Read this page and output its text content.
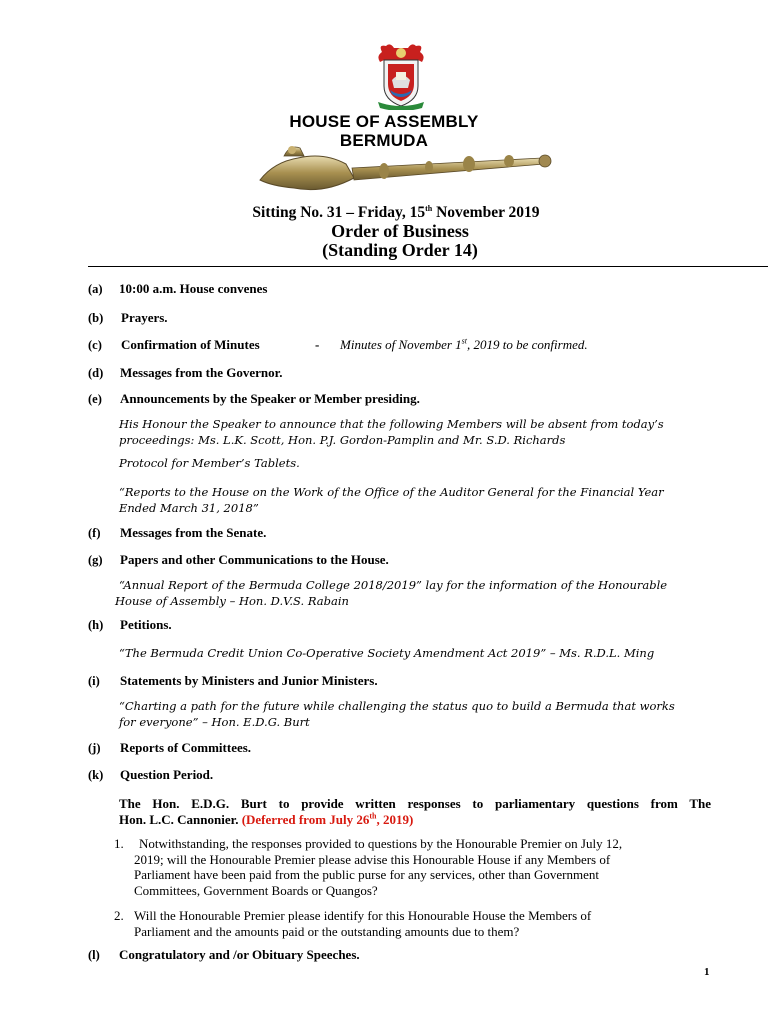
HOUSE OF ASSEMBLY
BERMUDA
Sitting No. 31 – Friday, 15th November 2019
Order of Business
(Standing Order 14)
(a) 10:00 a.m. House convenes
(b) Prayers.
(c) Confirmation of Minutes	- Minutes of November 1st, 2019 to be confirmed.
(d) Messages from the Governor.
(e) Announcements by the Speaker or Member presiding.
His Honour the Speaker to announce that the following Members will be absent from today’s
proceedings: Ms. L.K. Scott, Hon. P.J. Gordon-Pamplin and Mr. S.D. Richards
Protocol for Member’s Tablets.
“Reports to the House on the Work of the Office of the Auditor General for the Financial Year
Ended March 31, 2018”
(f) Messages from the Senate.
(g) Papers and other Communications to the House.
“Annual Report of the Bermuda College 2018/2019” lay for the information of the Honourable
House of Assembly – Hon. D.V.S. Rabain
(h) Petitions.
“The Bermuda Credit Union Co-Operative Society Amendment Act 2019” – Ms. R.D.L. Ming
(i) Statements by Ministers and Junior Ministers.
“Charting a path for the future while challenging the status quo to build a Bermuda that works
for everyone” – Hon. E.D.G. Burt
(j) Reports of Committees.
(k) Question Period.
The Hon. E.D.G. Burt to provide written responses to parliamentary questions from The
Hon. L.C. Cannonier. (Deferred from July 26th, 2019)
1.	Notwithstanding, the responses provided to questions by the Honourable Premier on July 12,
2019; will the Honourable Premier please advise this Honourable House if any Members of
Parliament have been paid from the public purse for any services, other than Government
Committees, Government Boards or Quangos?
2. Will the Honourable Premier please identify for this Honourable House the Members of
Parliament and the amounts paid or the outstanding amounts due to them?
(l) Congratulatory and /or Obituary Speeches.
1
